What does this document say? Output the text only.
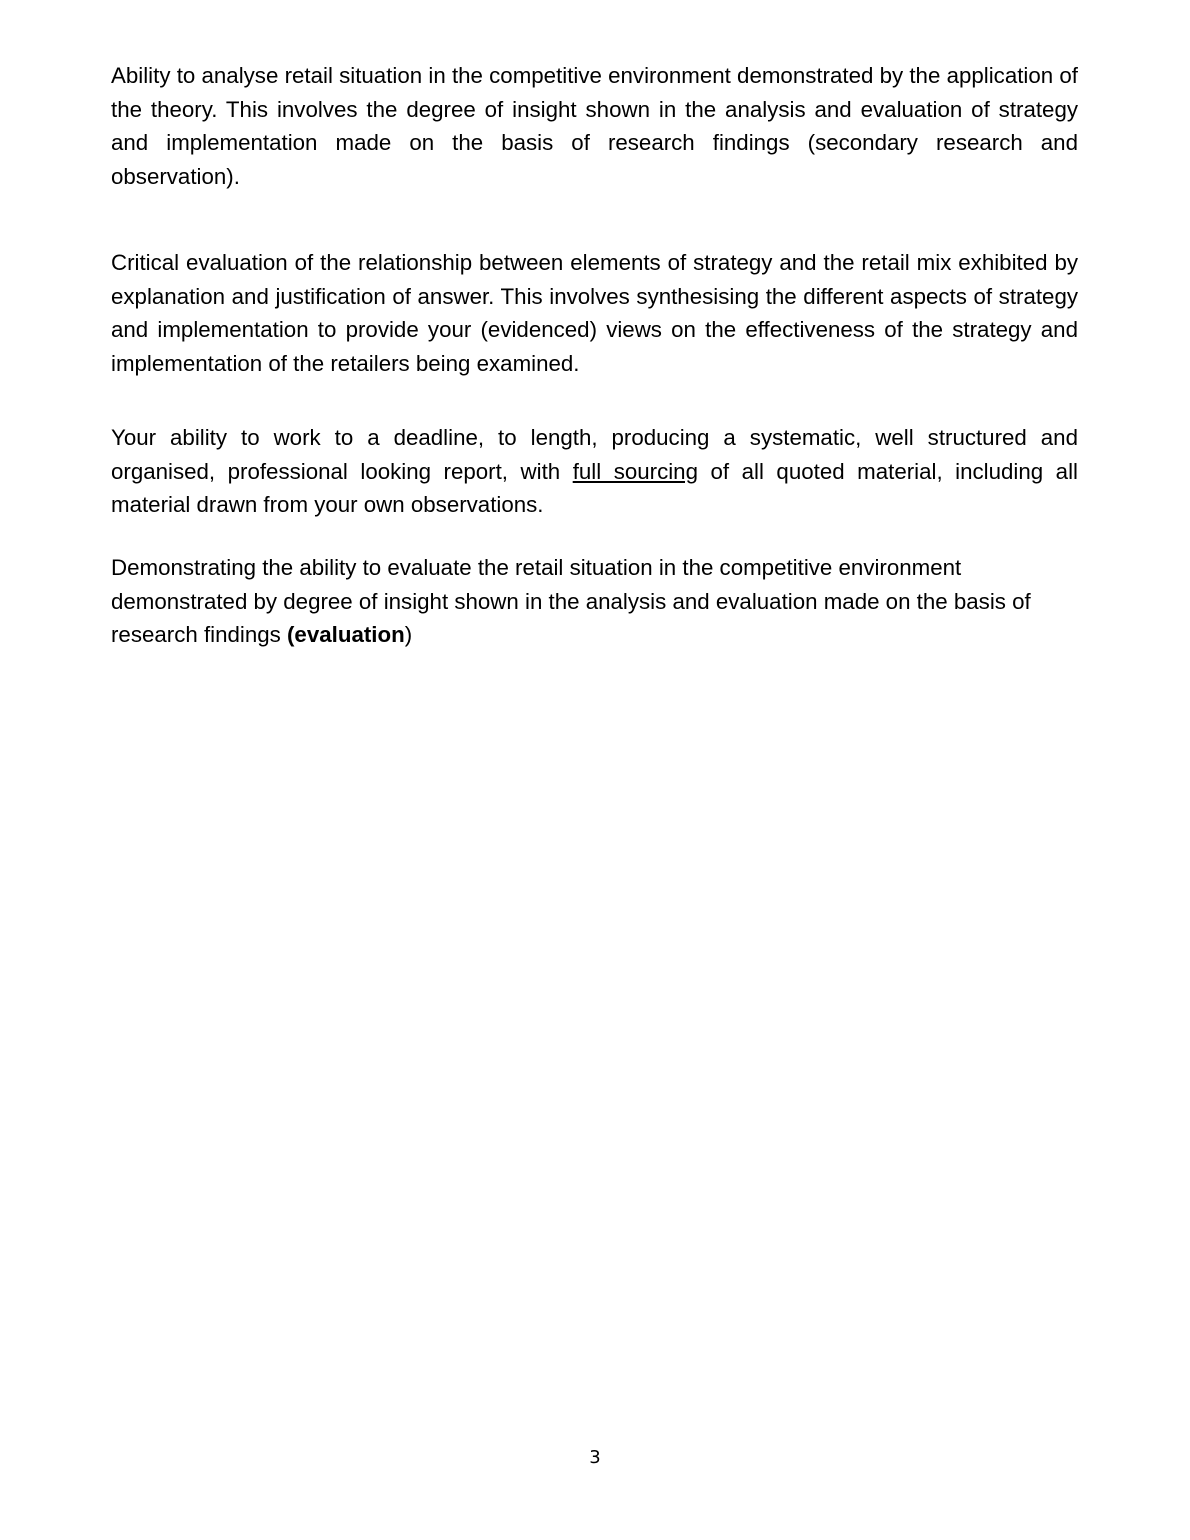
Ability to analyse retail situation in the competitive environment demonstrated by the application of the theory. This involves the degree of insight shown in the analysis and evaluation of strategy and implementation made on the basis of research findings (secondary research and observation).

Critical evaluation of the relationship between elements of strategy and the retail mix exhibited by explanation and justification of answer. This involves synthesising the different aspects of strategy and implementation to provide your (evidenced) views on the effectiveness of the strategy and implementation of the retailers being examined.

Your ability to work to a deadline, to length, producing a systematic, well structured and organised, professional looking report, with full sourcing of all quoted material, including all material drawn from your own observations.

Demonstrating the ability to evaluate the retail situation in the competitive environment demonstrated by degree of insight shown in the analysis and evaluation made on the basis of research findings (evaluation)

3
